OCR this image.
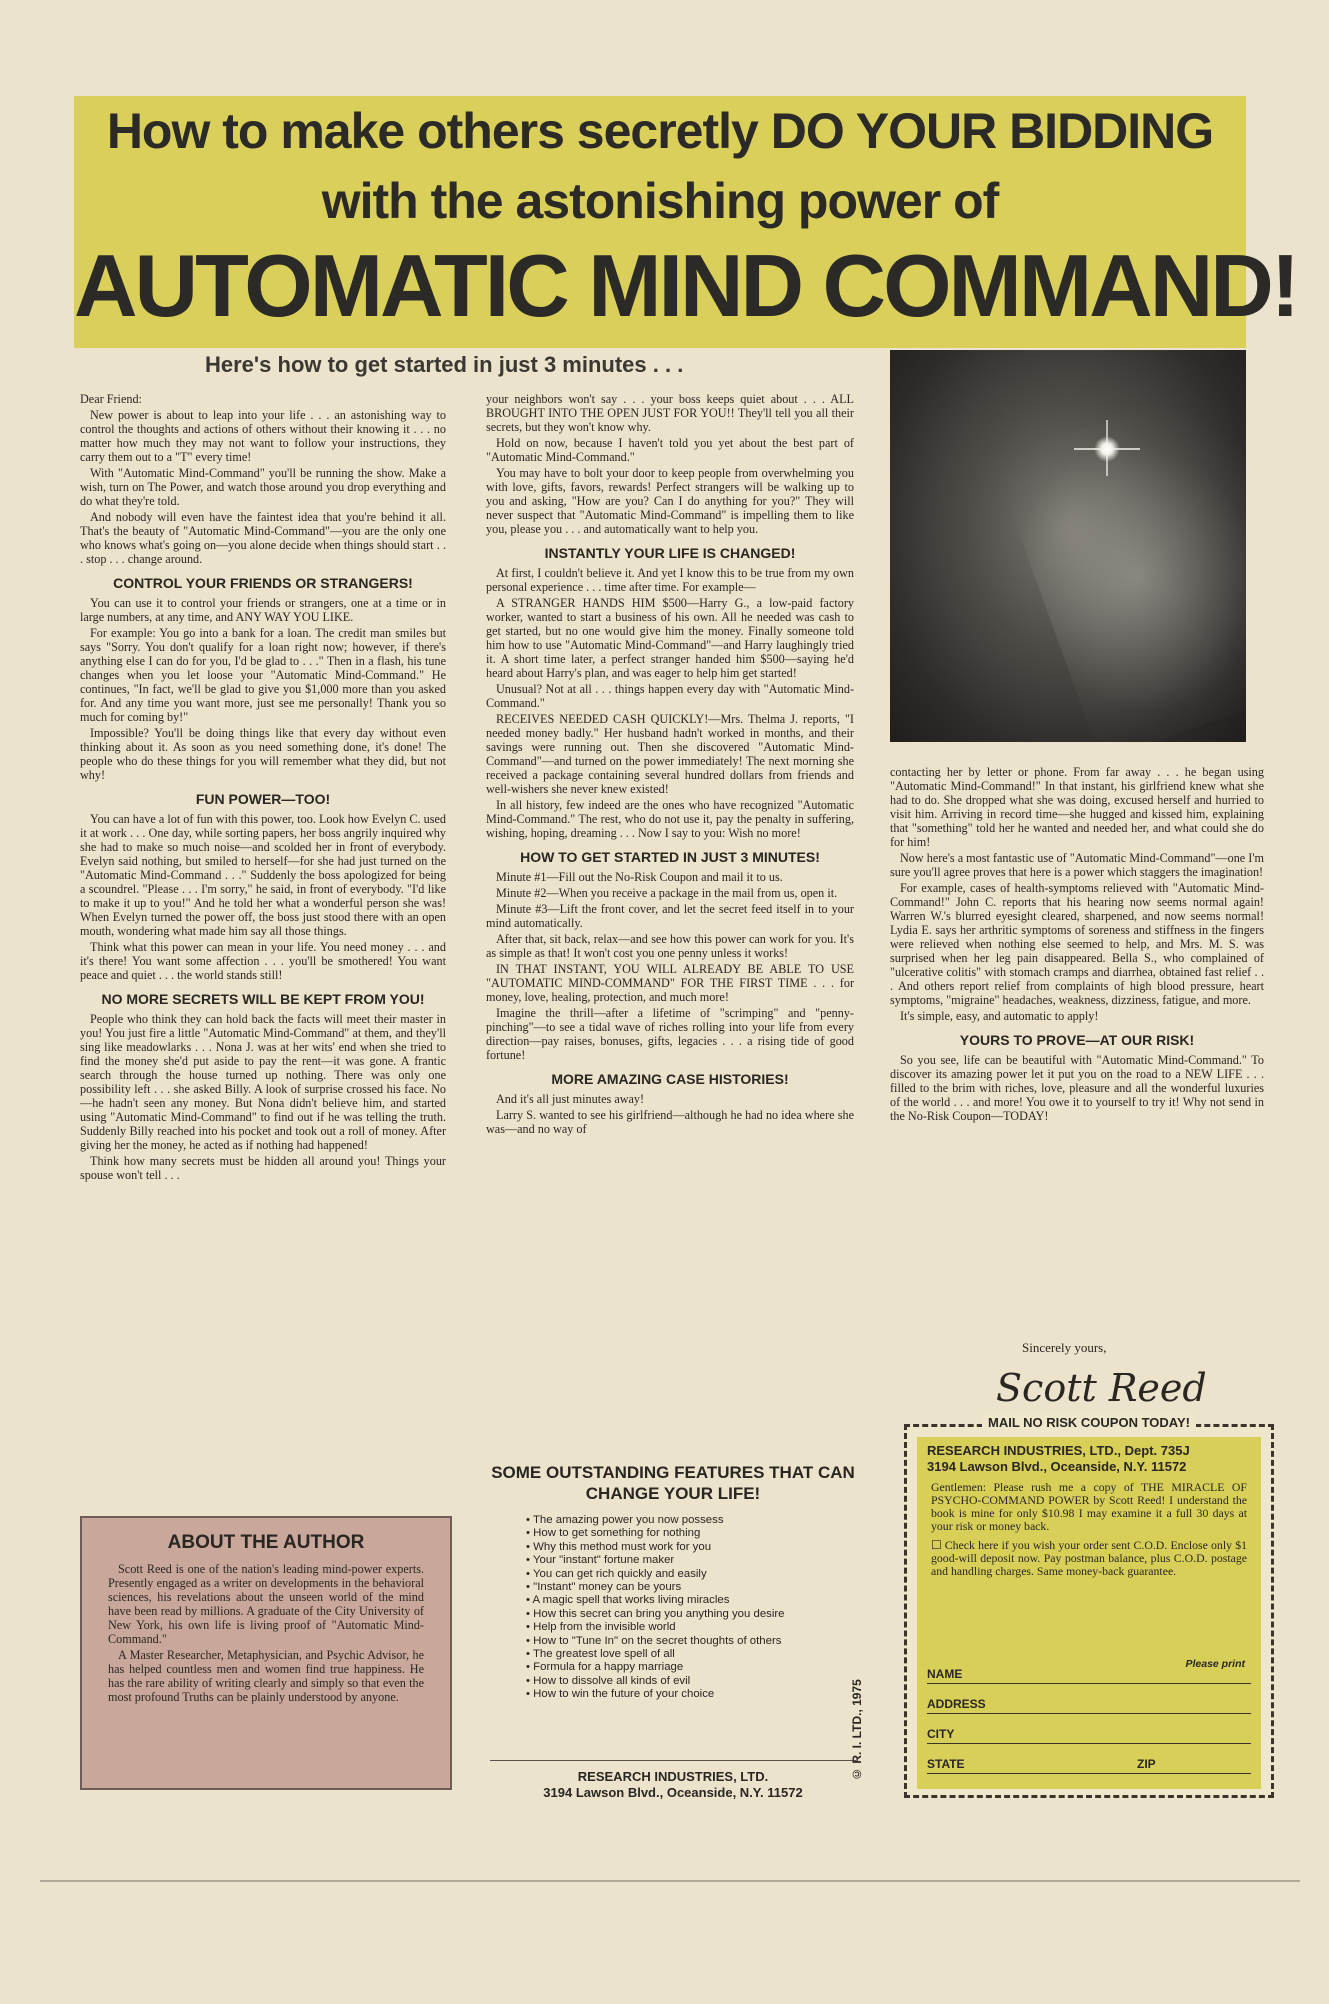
How to make others secretly DO YOUR BIDDING
with the astonishing power of
AUTOMATIC MIND COMMAND!
Here's how to get started in just 3 minutes . . .

Dear Friend:

New power is about to leap into your life . . . an astonishing way to control the thoughts and actions of others without their knowing it . . . no matter how much they may not want to follow your instructions, they carry them out to a "T" every time!

With "Automatic Mind-Command" you'll be running the show. Make a wish, turn on The Power, and watch those around you drop everything and do what they're told.

And nobody will even have the faintest idea that you're behind it all. That's the beauty of "Automatic Mind-Command"—you are the only one who knows what's going on—you alone decide when things should start . . . stop . . . change around.

CONTROL YOUR FRIENDS OR STRANGERS!

You can use it to control your friends or strangers, one at a time or in large numbers, at any time, and ANY WAY YOU LIKE.

For example: You go into a bank for a loan. The credit man smiles but says "Sorry. You don't qualify for a loan right now; however, if there's anything else I can do for you, I'd be glad to . . ." Then in a flash, his tune changes when you let loose your "Automatic Mind-Command." He continues, "In fact, we'll be glad to give you $1,000 more than you asked for. And any time you want more, just see me personally! Thank you so much for coming by!"

Impossible? You'll be doing things like that every day without even thinking about it. As soon as you need something done, it's done! The people who do these things for you will remember what they did, but not why!

FUN POWER—TOO!

You can have a lot of fun with this power, too. Look how Evelyn C. used it at work . . . One day, while sorting papers, her boss angrily inquired why she had to make so much noise—and scolded her in front of everybody. Evelyn said nothing, but smiled to herself—for she had just turned on the "Automatic Mind-Command . . ." Suddenly the boss apologized for being a scoundrel. "Please . . . I'm sorry," he said, in front of everybody. "I'd like to make it up to you!" And he told her what a wonderful person she was! When Evelyn turned the power off, the boss just stood there with an open mouth, wondering what made him say all those things.

Think what this power can mean in your life. You need money . . . and it's there! You want some affection . . . you'll be smothered! You want peace and quiet . . . the world stands still!

NO MORE SECRETS WILL BE KEPT FROM YOU!

People who think they can hold back the facts will meet their master in you! You just fire a little "Automatic Mind-Command" at them, and they'll sing like meadowlarks . . . Nona J. was at her wits' end when she tried to find the money she'd put aside to pay the rent—it was gone. A frantic search through the house turned up nothing. There was only one possibility left . . . she asked Billy. A look of surprise crossed his face. No—he hadn't seen any money. But Nona didn't believe him, and started using "Automatic Mind-Command" to find out if he was telling the truth. Suddenly Billy reached into his pocket and took out a roll of money. After giving her the money, he acted as if nothing had happened!

Think how many secrets must be hidden all around you! Things your spouse won't tell . . .

your neighbors won't say . . . your boss keeps quiet about . . . ALL BROUGHT INTO THE OPEN JUST FOR YOU!! They'll tell you all their secrets, but they won't know why.

Hold on now, because I haven't told you yet about the best part of "Automatic Mind-Command."

You may have to bolt your door to keep people from overwhelming you with love, gifts, favors, rewards! Perfect strangers will be walking up to you and asking, "How are you? Can I do anything for you?" They will never suspect that "Automatic Mind-Command" is impelling them to like you, please you . . . and automatically want to help you.

INSTANTLY YOUR LIFE IS CHANGED!

At first, I couldn't believe it. And yet I know this to be true from my own personal experience . . . time after time. For example—

A STRANGER HANDS HIM $500—Harry G., a low-paid factory worker, wanted to start a business of his own. All he needed was cash to get started, but no one would give him the money. Finally someone told him how to use "Automatic Mind-Command"—and Harry laughingly tried it. A short time later, a perfect stranger handed him $500—saying he'd heard about Harry's plan, and was eager to help him get started!

Unusual? Not at all . . . things happen every day with "Automatic Mind-Command."

RECEIVES NEEDED CASH QUICKLY!—Mrs. Thelma J. reports, "I needed money badly." Her husband hadn't worked in months, and their savings were running out. Then she discovered "Automatic Mind-Command"—and turned on the power immediately! The next morning she received a package containing several hundred dollars from friends and well-wishers she never knew existed!

In all history, few indeed are the ones who have recognized "Automatic Mind-Command." The rest, who do not use it, pay the penalty in suffering, wishing, hoping, dreaming . . . Now I say to you: Wish no more!

HOW TO GET STARTED IN JUST 3 MINUTES!

Minute #1—Fill out the No-Risk Coupon and mail it to us.

Minute #2—When you receive a package in the mail from us, open it.

Minute #3—Lift the front cover, and let the secret feed itself in to your mind automatically.

After that, sit back, relax—and see how this power can work for you. It's as simple as that! It won't cost you one penny unless it works!

IN THAT INSTANT, YOU WILL ALREADY BE ABLE TO USE "AUTOMATIC MIND-COMMAND" FOR THE FIRST TIME . . . for money, love, healing, protection, and much more!

Imagine the thrill—after a lifetime of "scrimping" and "penny-pinching"—to see a tidal wave of riches rolling into your life from every direction—pay raises, bonuses, gifts, legacies . . . a rising tide of good fortune!

MORE AMAZING CASE HISTORIES!

And it's all just minutes away!

Larry S. wanted to see his girlfriend—although he had no idea where she was—and no way of

contacting her by letter or phone. From far away . . . he began using "Automatic Mind-Command!" In that instant, his girlfriend knew what she had to do. She dropped what she was doing, excused herself and hurried to visit him. Arriving in record time—she hugged and kissed him, explaining that "something" told her he wanted and needed her, and what could she do for him!

Now here's a most fantastic use of "Automatic Mind-Command"—one I'm sure you'll agree proves that here is a power which staggers the imagination!

For example, cases of health-symptoms relieved with "Automatic Mind-Command!" John C. reports that his hearing now seems normal again! Warren W.'s blurred eyesight cleared, sharpened, and now seems normal! Lydia E. says her arthritic symptoms of soreness and stiffness in the fingers were relieved when nothing else seemed to help, and Mrs. M. S. was surprised when her leg pain disappeared. Bella S., who complained of "ulcerative colitis" with stomach cramps and diarrhea, obtained fast relief . . . And others report relief from complaints of high blood pressure, heart symptoms, "migraine" headaches, weakness, dizziness, fatigue, and more.

It's simple, easy, and automatic to apply!

YOURS TO PROVE—AT OUR RISK!

So you see, life can be beautiful with "Automatic Mind-Command." To discover its amazing power let it put you on the road to a NEW LIFE . . . filled to the brim with riches, love, pleasure and all the wonderful luxuries of the world . . . and more! You owe it to yourself to try it! Why not send in the No-Risk Coupon—TODAY!

Sincerely yours,
Scott Reed
ABOUT THE AUTHOR

Scott Reed is one of the nation's leading mind-power experts. Presently engaged as a writer on developments in the behavioral sciences, his revelations about the unseen world of the mind have been read by millions. A graduate of the City University of New York, his own life is living proof of "Automatic Mind-Command."

A Master Researcher, Metaphysician, and Psychic Advisor, he has helped countless men and women find true happiness. He has the rare ability of writing clearly and simply so that even the most profound Truths can be plainly understood by anyone.

SOME OUTSTANDING FEATURES THAT CAN CHANGE YOUR LIFE!
• The amazing power you now possess
• How to get something for nothing
• Why this method must work for you
• Your "instant" fortune maker
• You can get rich quickly and easily
• "Instant" money can be yours
• A magic spell that works living miracles
• How this secret can bring you anything you desire
• Help from the invisible world
• How to "Tune In" on the secret thoughts of others
• The greatest love spell of all
• Formula for a happy marriage
• How to dissolve all kinds of evil
• How to win the future of your choice
RESEARCH INDUSTRIES, LTD.
3194 Lawson Blvd., Oceanside, N.Y. 11572
© R. I. LTD., 1975
MAIL NO RISK COUPON TODAY!
RESEARCH INDUSTRIES, LTD., Dept. 735J
3194 Lawson Blvd., Oceanside, N.Y. 11572
Gentlemen: Please rush me a copy of THE MIRACLE OF PSYCHO-COMMAND POWER by Scott Reed! I understand the book is mine for only $10.98 I may examine it a full 30 days at your risk or money back.
☐ Check here if you wish your order sent C.O.D. Enclose only $1 good-will deposit now. Pay postman balance, plus C.O.D. postage and handling charges. Same money-back guarantee.
NAME
Please print
ADDRESS
CITY
STATE	ZIP
